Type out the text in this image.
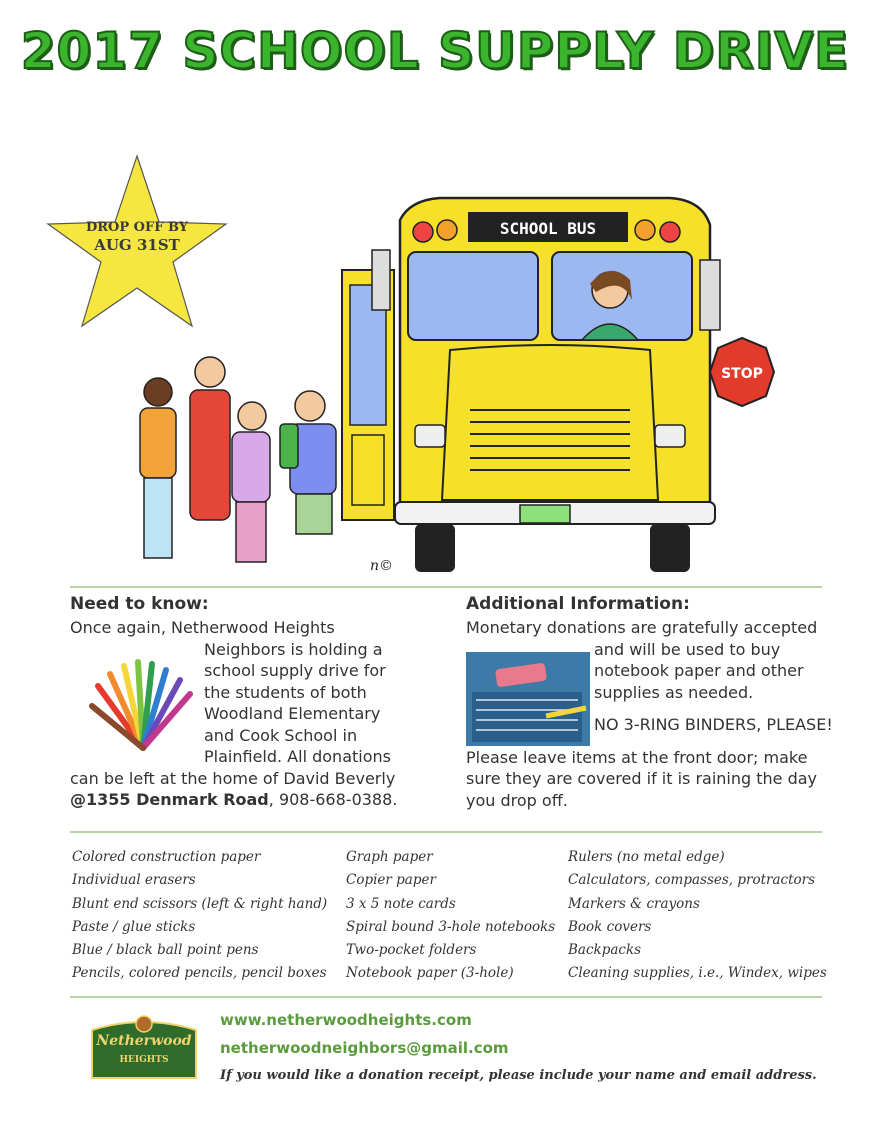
2017 SCHOOL SUPPLY DRIVE
DROP OFF BY
AUG 31ST
SCHOOL BUS
STOP
n©
Need to know:

Once again, Netherwood Heights

Neighbors is holding a

school supply drive for

the students of both

Woodland Elementary

and Cook School in

Plainfield. All donations

can be left at the home of David Beverly

@1355 Denmark Road, 908-668-0388.

Additional Information:

Monetary donations are gratefully accepted

and will be used to buy

notebook paper and other

supplies as needed.

NO 3-RING BINDERS, PLEASE!

Please leave items at the front door; make

sure they are covered if it is raining the day

you drop off.

Colored construction paper
Individual erasers
Blunt end scissors (left & right hand)
Paste / glue sticks
Blue / black ball point pens
Pencils, colored pencils, pencil boxes
Graph paper
Copier paper
3 x 5 note cards
Spiral bound 3-hole notebooks
Two-pocket folders
Notebook paper (3-hole)
Rulers (no metal edge)
Calculators, compasses, protractors
Markers & crayons
Book covers
Backpacks
Cleaning supplies, i.e., Windex, wipes
Netherwood
HEIGHTS
www.netherwoodheights.com
netherwoodneighbors@gmail.com
If you would like a donation receipt, please include your name and email address.
